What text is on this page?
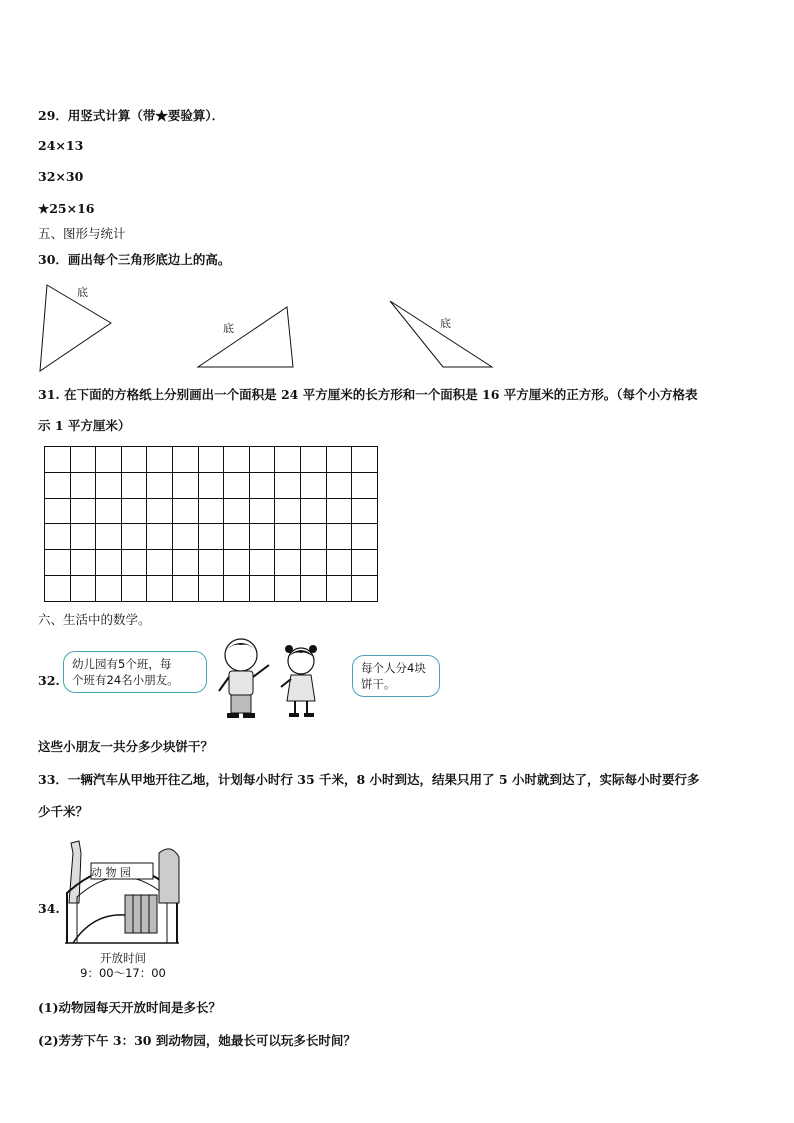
29．用竖式计算（带★要验算）．
24×13
32×30
★25×16
五、图形与统计
30．画出每个三角形底边上的高。
底
底	底
31. 在下面的方格纸上分别画出一个面积是 24 平方厘米的长方形和一个面积是 16 平方厘米的正方形。（每个小方格表
示 1 平方厘米）

六、生活中的数学。
32.
幼儿园有5个班，每
个班有24名小朋友。
每个人分4块
饼干。
这些小朋友一共分多少块饼干？
33．一辆汽车从甲地开往乙地，计划每小时行 35 千米，8 小时到达，结果只用了 5 小时就到达了，实际每小时要行多
少千米？
34.
动 物 园
开放时间
9：00～17：00
(1)动物园每天开放时间是多长？
(2)芳芳下午 3：30 到动物园，她最长可以玩多长时间？
